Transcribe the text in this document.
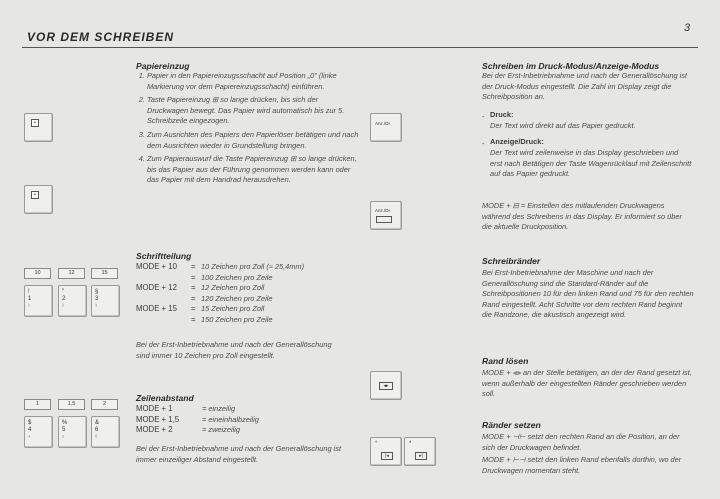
VOR DEM SCHREIBEN
3
+
+
Papiereinzug
1. Papier in den Papiereinzugsschacht auf Position „0" (linke Markierung vor dem Papiereinzugsschacht) einführen.
2. Taste Papiereinzug ⊞ so lange drücken, bis sich der Druckwagen bewegt. Das Papier wird automatisch bis zur 5. Schreibzeile eingezogen.
3. Zum Ausrichten des Papiers den Papierlöser betätigen und nach dem Ausrichten wieder in Grundstellung bringen.
4. Zum Papierauswurf die Taste Papiereinzug ⊞ so lange drücken, bis das Papier aus der Führung genommen werden kann oder das Papier mit dem Handrad herausdrehen.
10	12	15
!
1
¹
"
2
²
§
3
³
Schriftteilung
MODE + 10	= 10 Zeichen pro Zoll (≈ 25,4mm)
= 100 Zeichen pro Zeile
MODE + 12	= 12 Zeichen pro Zoll
= 120 Zeichen pro Zeile
MODE + 15	= 15 Zeichen pro Zoll
= 150 Zeichen pro Zeile
Bei der Erst-Inbetriebnahme und nach der Generallöschung sind immer 10 Zeichen pro Zoll eingestellt.
1	1,5	2
$
4
⁴
%
5
⁵
&
6
⁶
Zeilenabstand
MODE + 1	= einzeilig
MODE + 1,5	= eineinhalbzeilig
MODE + 2	= zweizeilig
Bei der Erst-Inbetriebnahme und nach der Generallöschung ist immer einzeiliger Abstand eingestellt.
Anz./Dr.
Anz./Dr.
Schreiben im Druck-Modus/Anzeige-Modus
Bei der Erst-Inbetriebnahme und nach der Generallöschung ist der Druck-Modus eingestellt. Die Zahl im Display zeigt die Schreibposition an.
- Druck:
Der Text wird direkt auf das Papier gedruckt.
- Anzeige/Druck:
Der Text wird zeilenweise in das Display geschrieben und erst nach Betätigen der Taste Wagenrücklauf mit Zeilenschritt auf das Papier gedruckt.
MODE + ⊟ = Einstellen des mitlaufenden Druckwagens während des Schreibens in das Display. Er informiert so über die aktuelle Druckposition.
Schreibränder
Bei Erst-Inbetriebnahme der Maschine und nach der Generallöschung sind die Standard-Ränder auf die Schreibpositionen 10 für den linken Rand und 75 für den rechten Rand eingestellt. Acht Schritte vor dem rechten Rand beginnt die Randzone, die akustisch angezeigt wird.
◂▸
Rand lösen
MODE + ⫷⫸ an der Stelle betätigen, an der der Rand gesetzt ist, wenn außerhalb der eingestellten Ränder geschrieben werden soll.
°
|◂
*
▸|
Ränder setzen
MODE + ⊣⊢ setzt den rechten Rand an die Position, an der sich der Druckwagen befindet.
MODE + ⊢⊣ setzt den linken Rand ebenfalls dorthin, wo der Druckwagen momentan steht.
